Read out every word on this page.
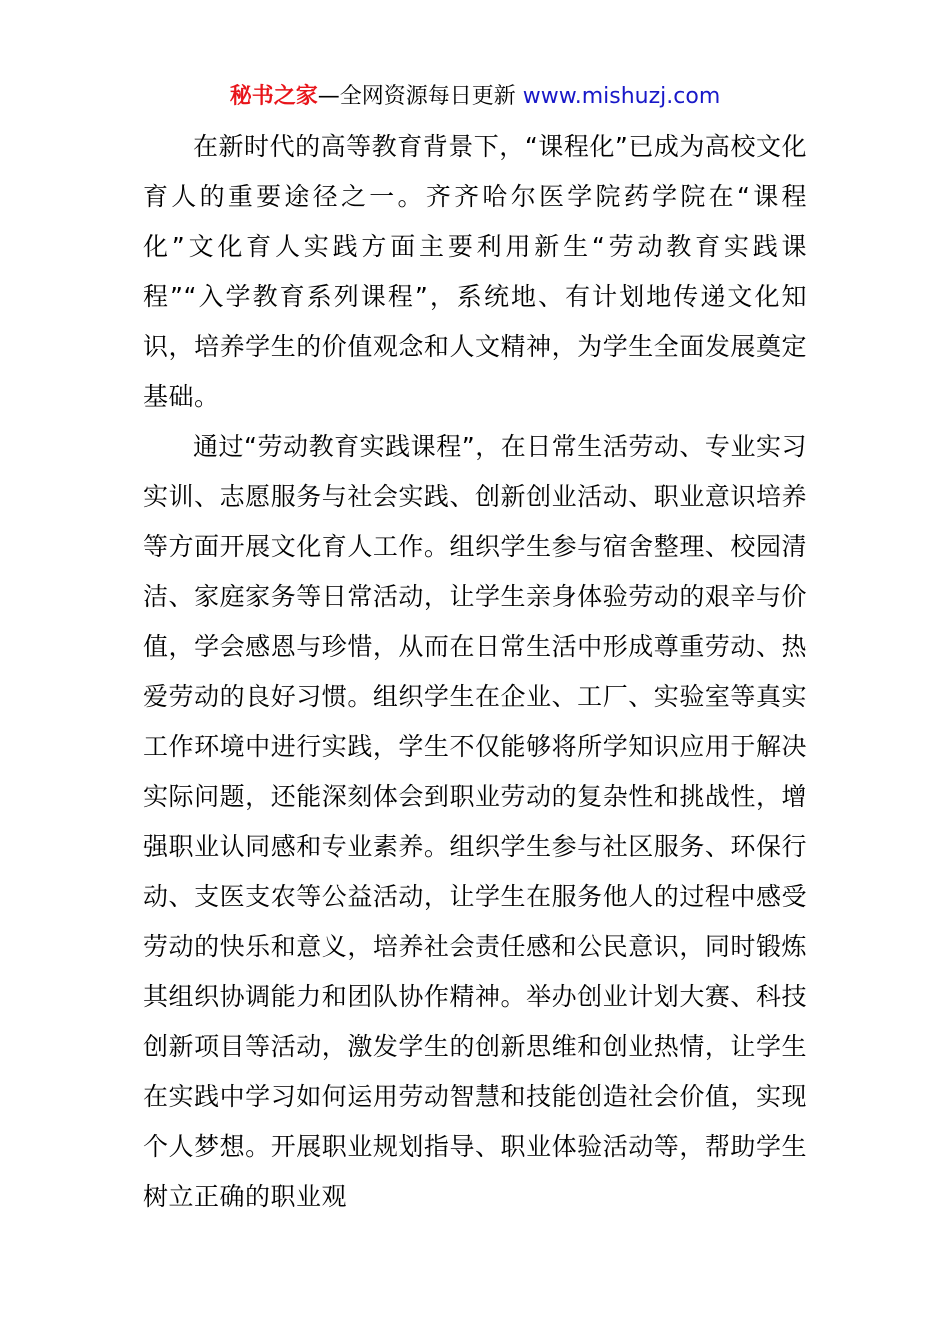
秘书之家—全网资源每日更新 www.mishuzj.com

在新时代的高等教育背景下，“课程化”已成为高校文化育人的重要途径之一。齐齐哈尔医学院药学院在“课程化”文化育人实践方面主要利用新生“劳动教育实践课程”“入学教育系列课程”，系统地、有计划地传递文化知识，培养学生的价值观念和人文精神，为学生全面发展奠定基础。

通过“劳动教育实践课程”，在日常生活劳动、专业实习实训、志愿服务与社会实践、创新创业活动、职业意识培养等方面开展文化育人工作。组织学生参与宿舍整理、校园清洁、家庭家务等日常活动，让学生亲身体验劳动的艰辛与价值，学会感恩与珍惜，从而在日常生活中形成尊重劳动、热爱劳动的良好习惯。组织学生在企业、工厂、实验室等真实工作环境中进行实践，学生不仅能够将所学知识应用于解决实际问题，还能深刻体会到职业劳动的复杂性和挑战性，增强职业认同感和专业素养。组织学生参与社区服务、环保行动、支医支农等公益活动，让学生在服务他人的过程中感受劳动的快乐和意义，培养社会责任感和公民意识，同时锻炼其组织协调能力和团队协作精神。举办创业计划大赛、科技创新项目等活动，激发学生的创新思维和创业热情，让学生在实践中学习如何运用劳动智慧和技能创造社会价值，实现个人梦想。开展职业规划指导、职业体验活动等，帮助学生树立正确的职业观
